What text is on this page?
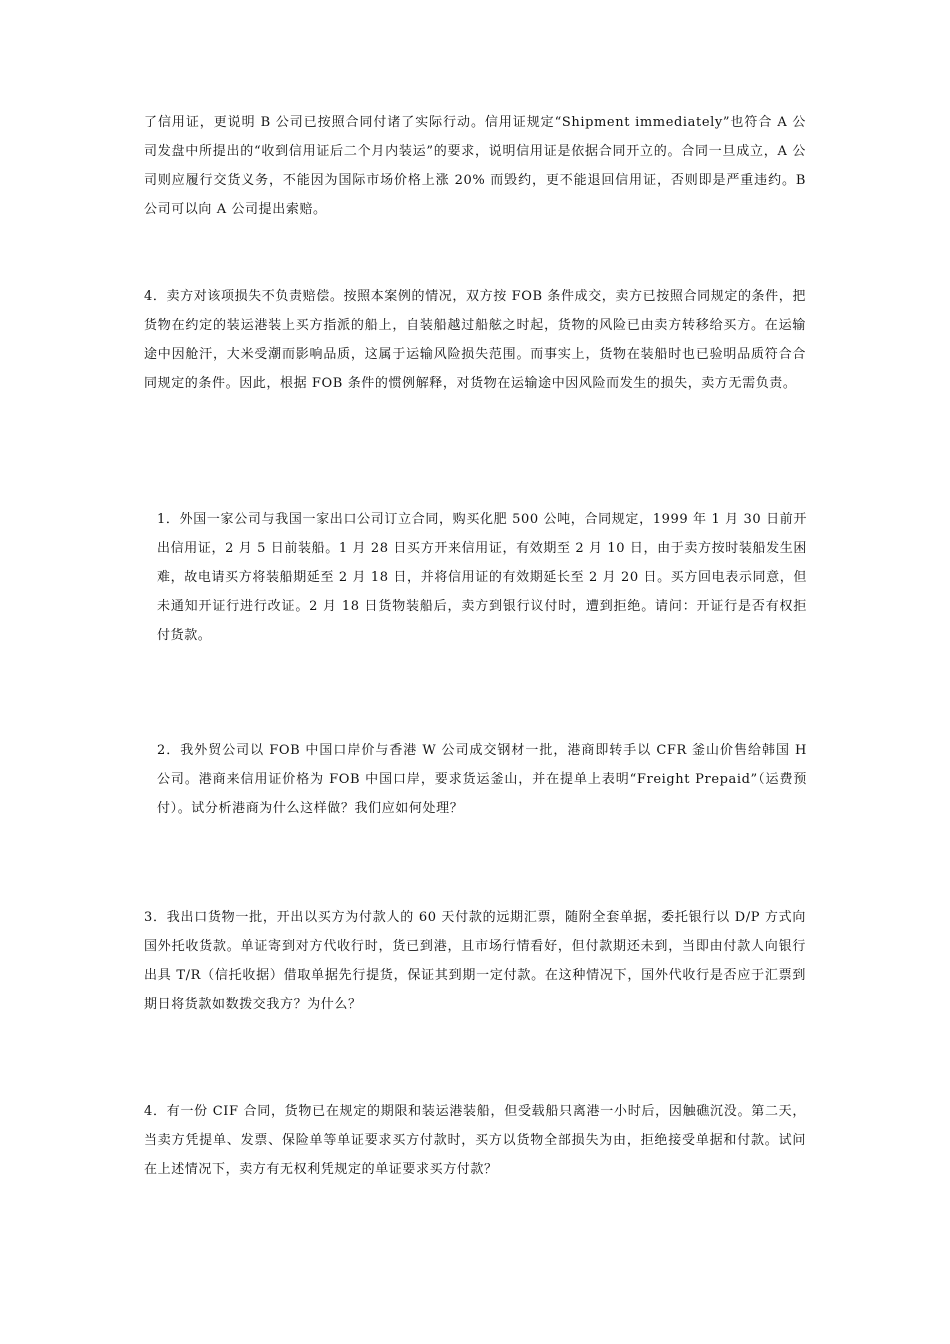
了信用证，更说明 B 公司已按照合同付诸了实际行动。信用证规定“Shipment immediately”也符合 A 公司发盘中所提出的“收到信用证后二个月内装运”的要求，说明信用证是依据合同开立的。合同一旦成立，A 公司则应履行交货义务，不能因为国际市场价格上涨 20% 而毁约，更不能退回信用证，否则即是严重违约。B 公司可以向 A 公司提出索赔。

4．卖方对该项损失不负责赔偿。按照本案例的情况，双方按 FOB 条件成交，卖方已按照合同规定的条件，把货物在约定的装运港装上买方指派的船上，自装船越过船舷之时起，货物的风险已由卖方转移给买方。在运输途中因舱汗，大米受潮而影响品质，这属于运输风险损失范围。而事实上，货物在装船时也已验明品质符合合同规定的条件。因此，根据 FOB 条件的惯例解释，对货物在运输途中因风险而发生的损失，卖方无需负责。

1．外国一家公司与我国一家出口公司订立合同，购买化肥 500 公吨，合同规定，1999 年 1 月 30 日前开出信用证，2 月 5 日前装船。1 月 28 日买方开来信用证，有效期至 2 月 10 日，由于卖方按时装船发生困难，故电请买方将装船期延至 2 月 18 日，并将信用证的有效期延长至 2 月 20 日。买方回电表示同意，但未通知开证行进行改证。2 月 18 日货物装船后，卖方到银行议付时，遭到拒绝。请问：开证行是否有权拒付货款。

2．我外贸公司以 FOB 中国口岸价与香港 W 公司成交钢材一批，港商即转手以 CFR 釜山价售给韩国 H 公司。港商来信用证价格为 FOB 中国口岸，要求货运釜山，并在提单上表明“Freight Prepaid”（运费预付）。试分析港商为什么这样做？我们应如何处理？

3．我出口货物一批，开出以买方为付款人的 60 天付款的远期汇票，随附全套单据，委托银行以 D/P 方式向国外托收货款。单证寄到对方代收行时，货已到港，且市场行情看好，但付款期还未到，当即由付款人向银行出具 T/R（信托收据）借取单据先行提货，保证其到期一定付款。在这种情况下，国外代收行是否应于汇票到期日将货款如数拨交我方？为什么？

4．有一份 CIF 合同，货物已在规定的期限和装运港装船，但受载船只离港一小时后，因触礁沉没。第二天，当卖方凭提单、发票、保险单等单证要求买方付款时，买方以货物全部损失为由，拒绝接受单据和付款。试问在上述情况下，卖方有无权利凭规定的单证要求买方付款？
